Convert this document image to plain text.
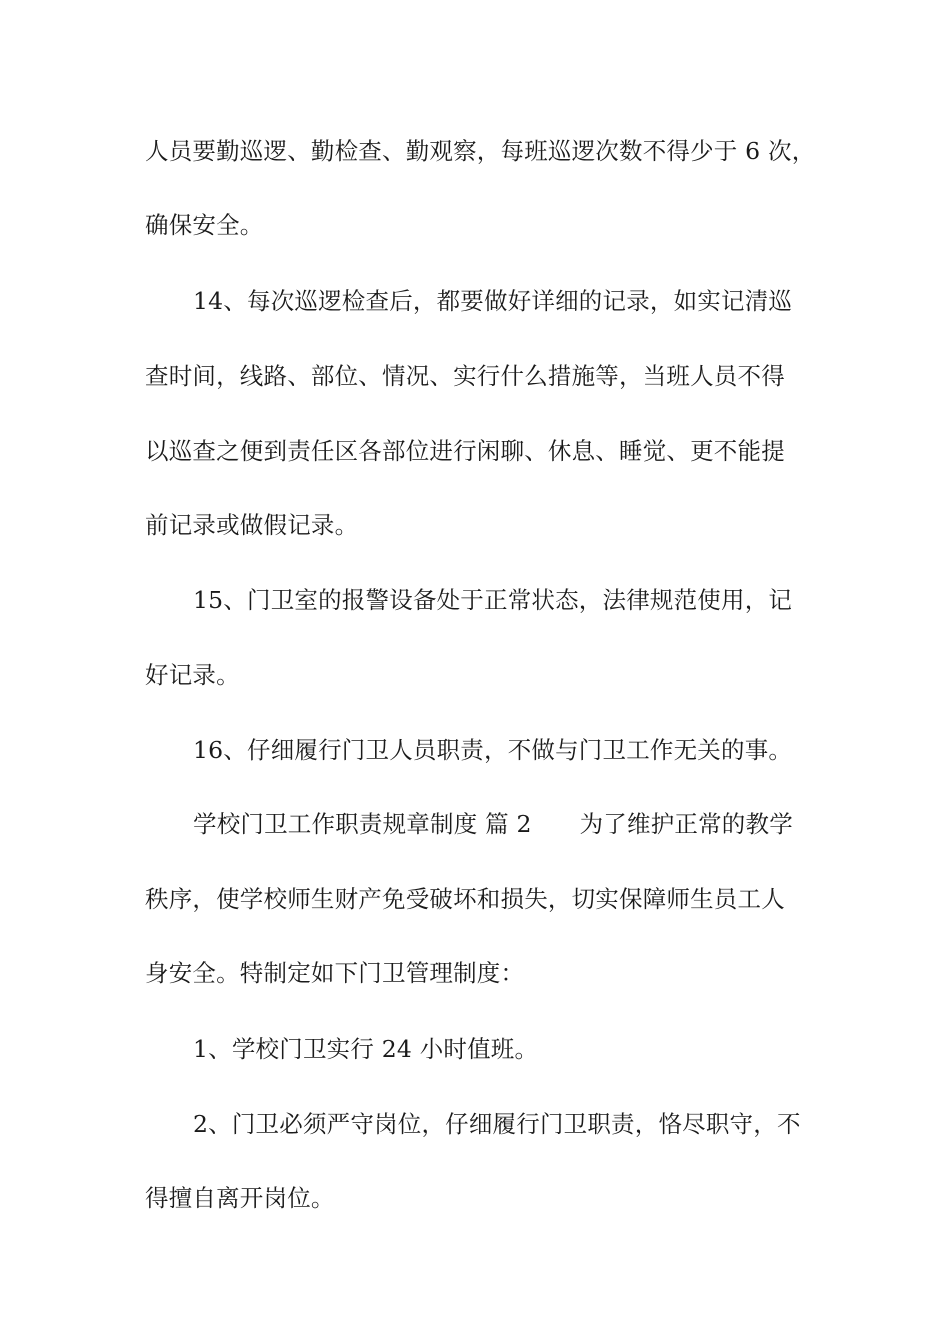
人员要勤巡逻、勤检查、勤观察，每班巡逻次数不得少于 6 次，

确保安全。

14、每次巡逻检查后，都要做好详细的记录，如实记清巡

查时间，线路、部位、情况、实行什么措施等，当班人员不得

以巡查之便到责任区各部位进行闲聊、休息、睡觉、更不能提

前记录或做假记录。

15、门卫室的报警设备处于正常状态，法律规范使用，记

好记录。

16、仔细履行门卫人员职责，不做与门卫工作无关的事。

学校门卫工作职责规章制度 篇 2 为了维护正常的教学

秩序，使学校师生财产免受破坏和损失，切实保障师生员工人

身安全。特制定如下门卫管理制度：

1、学校门卫实行 24 小时值班。

2、门卫必须严守岗位，仔细履行门卫职责，恪尽职守，不

得擅自离开岗位。
